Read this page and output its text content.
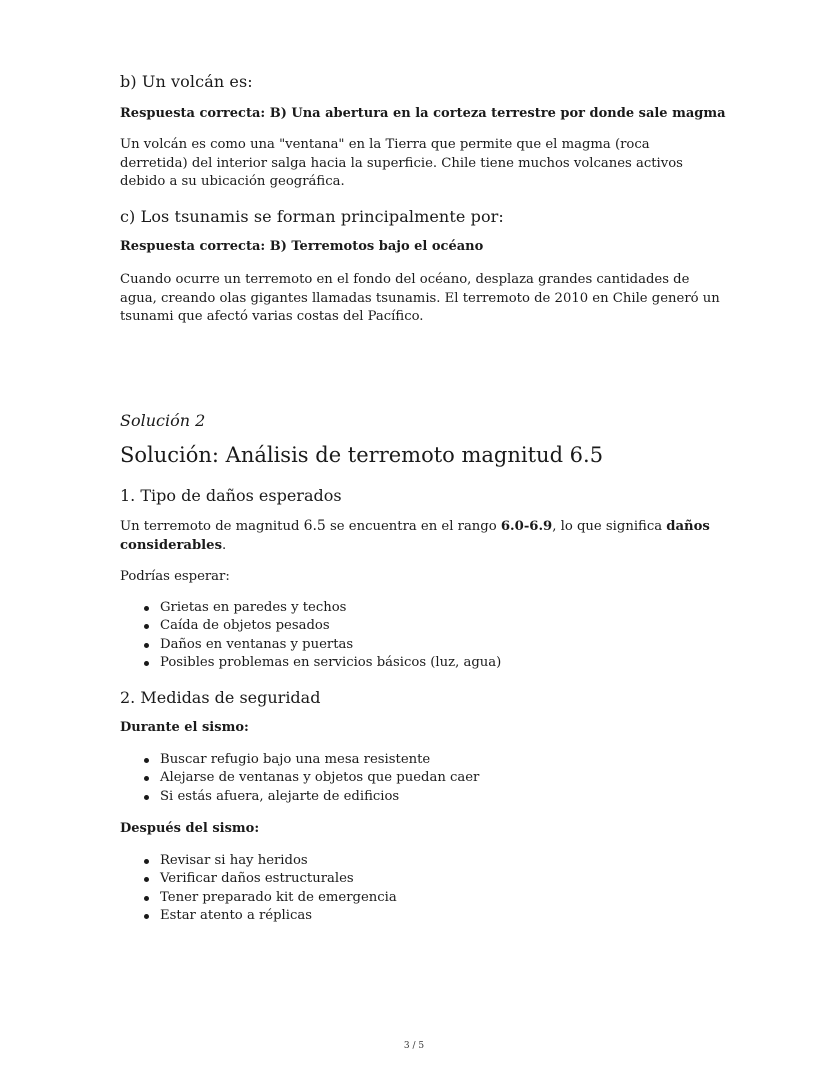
b) Un volcán es:

Respuesta correcta: B) Una abertura en la corteza terrestre por donde sale magma

Un volcán es como una "ventana" en la Tierra que permite que el magma (roca derretida) del interior salga hacia la superficie. Chile tiene muchos volcanes activos debido a su ubicación geográfica.

c) Los tsunamis se forman principalmente por:

Respuesta correcta: B) Terremotos bajo el océano

Cuando ocurre un terremoto en el fondo del océano, desplaza grandes cantidades de agua, creando olas gigantes llamadas tsunamis. El terremoto de 2010 en Chile generó un tsunami que afectó varias costas del Pacífico.

Solución 2
Solución: Análisis de terremoto magnitud 6.5
1. Tipo de daños esperados

Un terremoto de magnitud 6.5 se encuentra en el rango 6.0-6.9, lo que significa daños considerables.

Podrías esperar:

Grietas en paredes y techos
Caída de objetos pesados
Daños en ventanas y puertas
Posibles problemas en servicios básicos (luz, agua)
2. Medidas de seguridad

Durante el sismo:

Buscar refugio bajo una mesa resistente
Alejarse de ventanas y objetos que puedan caer
Si estás afuera, alejarte de edificios

Después del sismo:

Revisar si hay heridos
Verificar daños estructurales
Tener preparado kit de emergencia
Estar atento a réplicas
3 / 5
